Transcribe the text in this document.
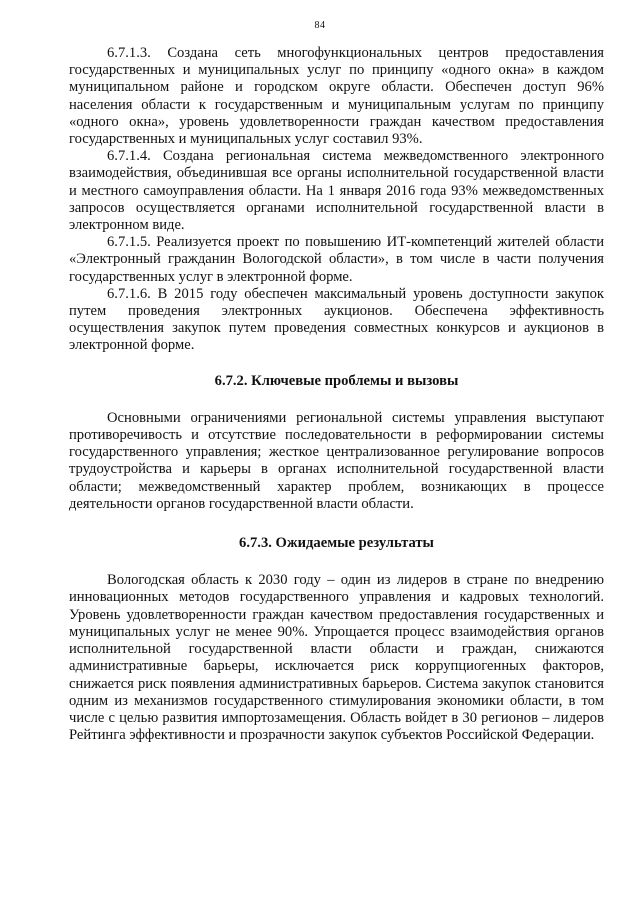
84

6.7.1.3. Создана сеть многофункциональных центров предоставления государственных и муниципальных услуг по принципу «одного окна» в каждом муниципальном районе и городском округе области. Обеспечен доступ 96% населения области к государственным и муниципальным услугам по принципу «одного окна», уровень удовлетворенности граждан качеством предоставления государственных и муниципальных услуг составил 93%.

6.7.1.4. Создана региональная система межведомственного электронного взаимодействия, объединившая все органы исполнительной государственной власти и местного самоуправления области. На 1 января 2016 года 93% межведомственных запросов осуществляется органами исполнительной государственной власти в электронном виде.

6.7.1.5. Реализуется проект по повышению ИТ-компетенций жителей области «Электронный гражданин Вологодской области», в том числе в части получения государственных услуг в электронной форме.

6.7.1.6. В 2015 году обеспечен максимальный уровень доступности закупок путем проведения электронных аукционов. Обеспечена эффективность осуществления закупок путем проведения совместных конкурсов и аукционов в электронной форме.

6.7.2. Ключевые проблемы и вызовы

Основными ограничениями региональной системы управления выступают противоречивость и отсутствие последовательности в реформировании системы государственного управления; жесткое централизованное регулирование вопросов трудоустройства и карьеры в органах исполнительной государственной власти области; межведомственный характер проблем, возникающих в процессе деятельности органов государственной власти области.

6.7.3. Ожидаемые результаты

Вологодская область к 2030 году – один из лидеров в стране по внедрению инновационных методов государственного управления и кадровых технологий. Уровень удовлетворенности граждан качеством предоставления государственных и муниципальных услуг не менее 90%. Упрощается процесс взаимодействия органов исполнительной государственной власти области и граждан, снижаются административные барьеры, исключается риск коррупциогенных факторов, снижается риск появления административных барьеров. Система закупок становится одним из механизмов государственного стимулирования экономики области, в том числе с целью развития импортозамещения. Область войдет в 30 регионов – лидеров Рейтинга эффективности и прозрачности закупок субъектов Российской Федерации.
